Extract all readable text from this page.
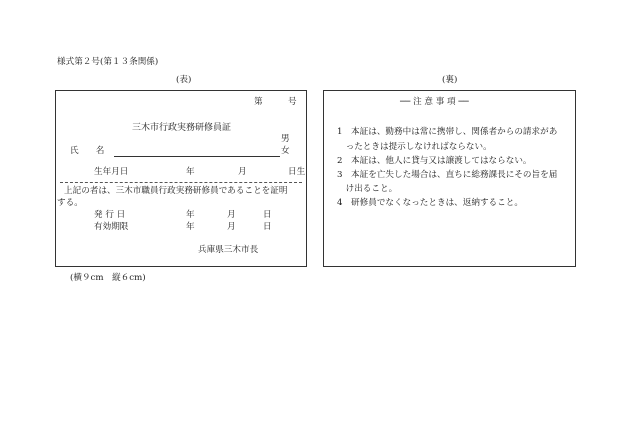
様式第２号(第１３条関係)
(表)	(裏)
第	号
三木市行政実務研修員証
男
氏　　名	女
生年月日	年	月	日生
上記の者は、三木市職員行政実務研修員であることを証明
する。
発 行 日	年	月	日
有効期限	年	月	日
兵庫県三木市長
── 注 意 事 項 ──
1　本証は、勤務中は常に携帯し、関係者からの請求があ
　ったときは提示しなければならない。
2　本証は、他人に貸与又は譲渡してはならない。
3　本証を亡失した場合は、直ちに総務課長にその旨を届
　け出ること。
4　研修員でなくなったときは、返納すること。
(横９cm　縦６cm)
